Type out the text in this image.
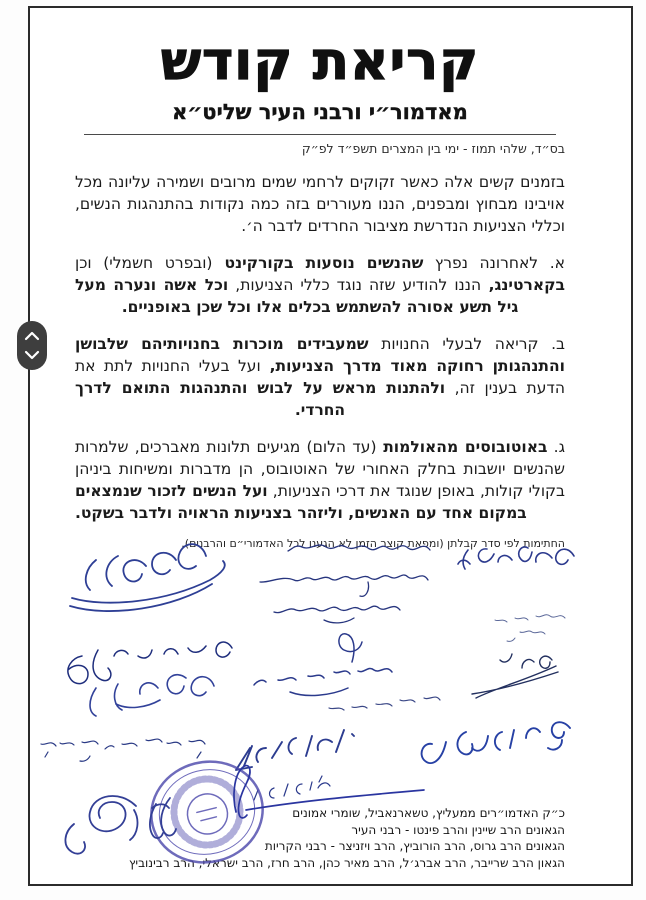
קריאת קודש
מאדמור״י ורבני העיר שליט״א
בס״ד, שלהי תמוז - ימי בין המצרים תשפ״ד לפ״ק

בזמנים קשים אלה כאשר זקוקים לרחמי שמים מרובים ושמירה עליונה מכל אויבינו מבחוץ ומבפנים, הננו מעוררים בזה כמה נקודות בהתנהגות הנשים, וכללי הצניעות הנדרשת מציבור החרדים לדבר ה׳.

א. לאחרונה נפרץ שהנשים נוסעות בקורקינט (ובפרט חשמלי) וכן בקארטינג, הננו להודיע שזה נוגד כללי הצניעות, וכל אשה ונערה מעל גיל תשע אסורה להשתמש בכלים אלו וכל שכן באופניים.

ב. קריאה לבעלי החנויות שמעבידים מוכרות בחנויותיהם שלבושן והתנהגותן רחוקה מאוד מדרך הצניעות, ועל בעלי החנויות לתת את הדעת בענין זה, ולהתנות מראש על לבוש והתנהגות התואם לדרך החרדי.

ג. באוטובוסים מהאולמות (עד הלום) מגיעים תלונות מאברכים, שלמרות שהנשים יושבות בחלק האחורי של האוטובוס, הן מדברות ומשיחות ביניהן בקולי קולות, באופן שנוגד את דרכי הצניעות, ועל הנשים לזכור שנמצאים במקום אחד עם האנשים, וליזהר בצניעות הראויה ולדבר בשקט.

החתימות לפי סדר קבלתן (ומפאת קוצר הזמן לא הגענו לכל האדמורי״ם והרבנים).
כ״ק האדמו״רים ממעליץ, טשארנאביל, שומרי אמונים
הגאונים הרב שיינין והרב פינטו - רבני העיר
הגאונים הרב גרוס, הרב הורוביץ, הרב ויזניצר - רבני הקריות
הגאון הרב שרייבר, הרב אברג׳ל, הרב מאיר כהן, הרב חרז, הרב ישראלי, הרב רבינוביץ
